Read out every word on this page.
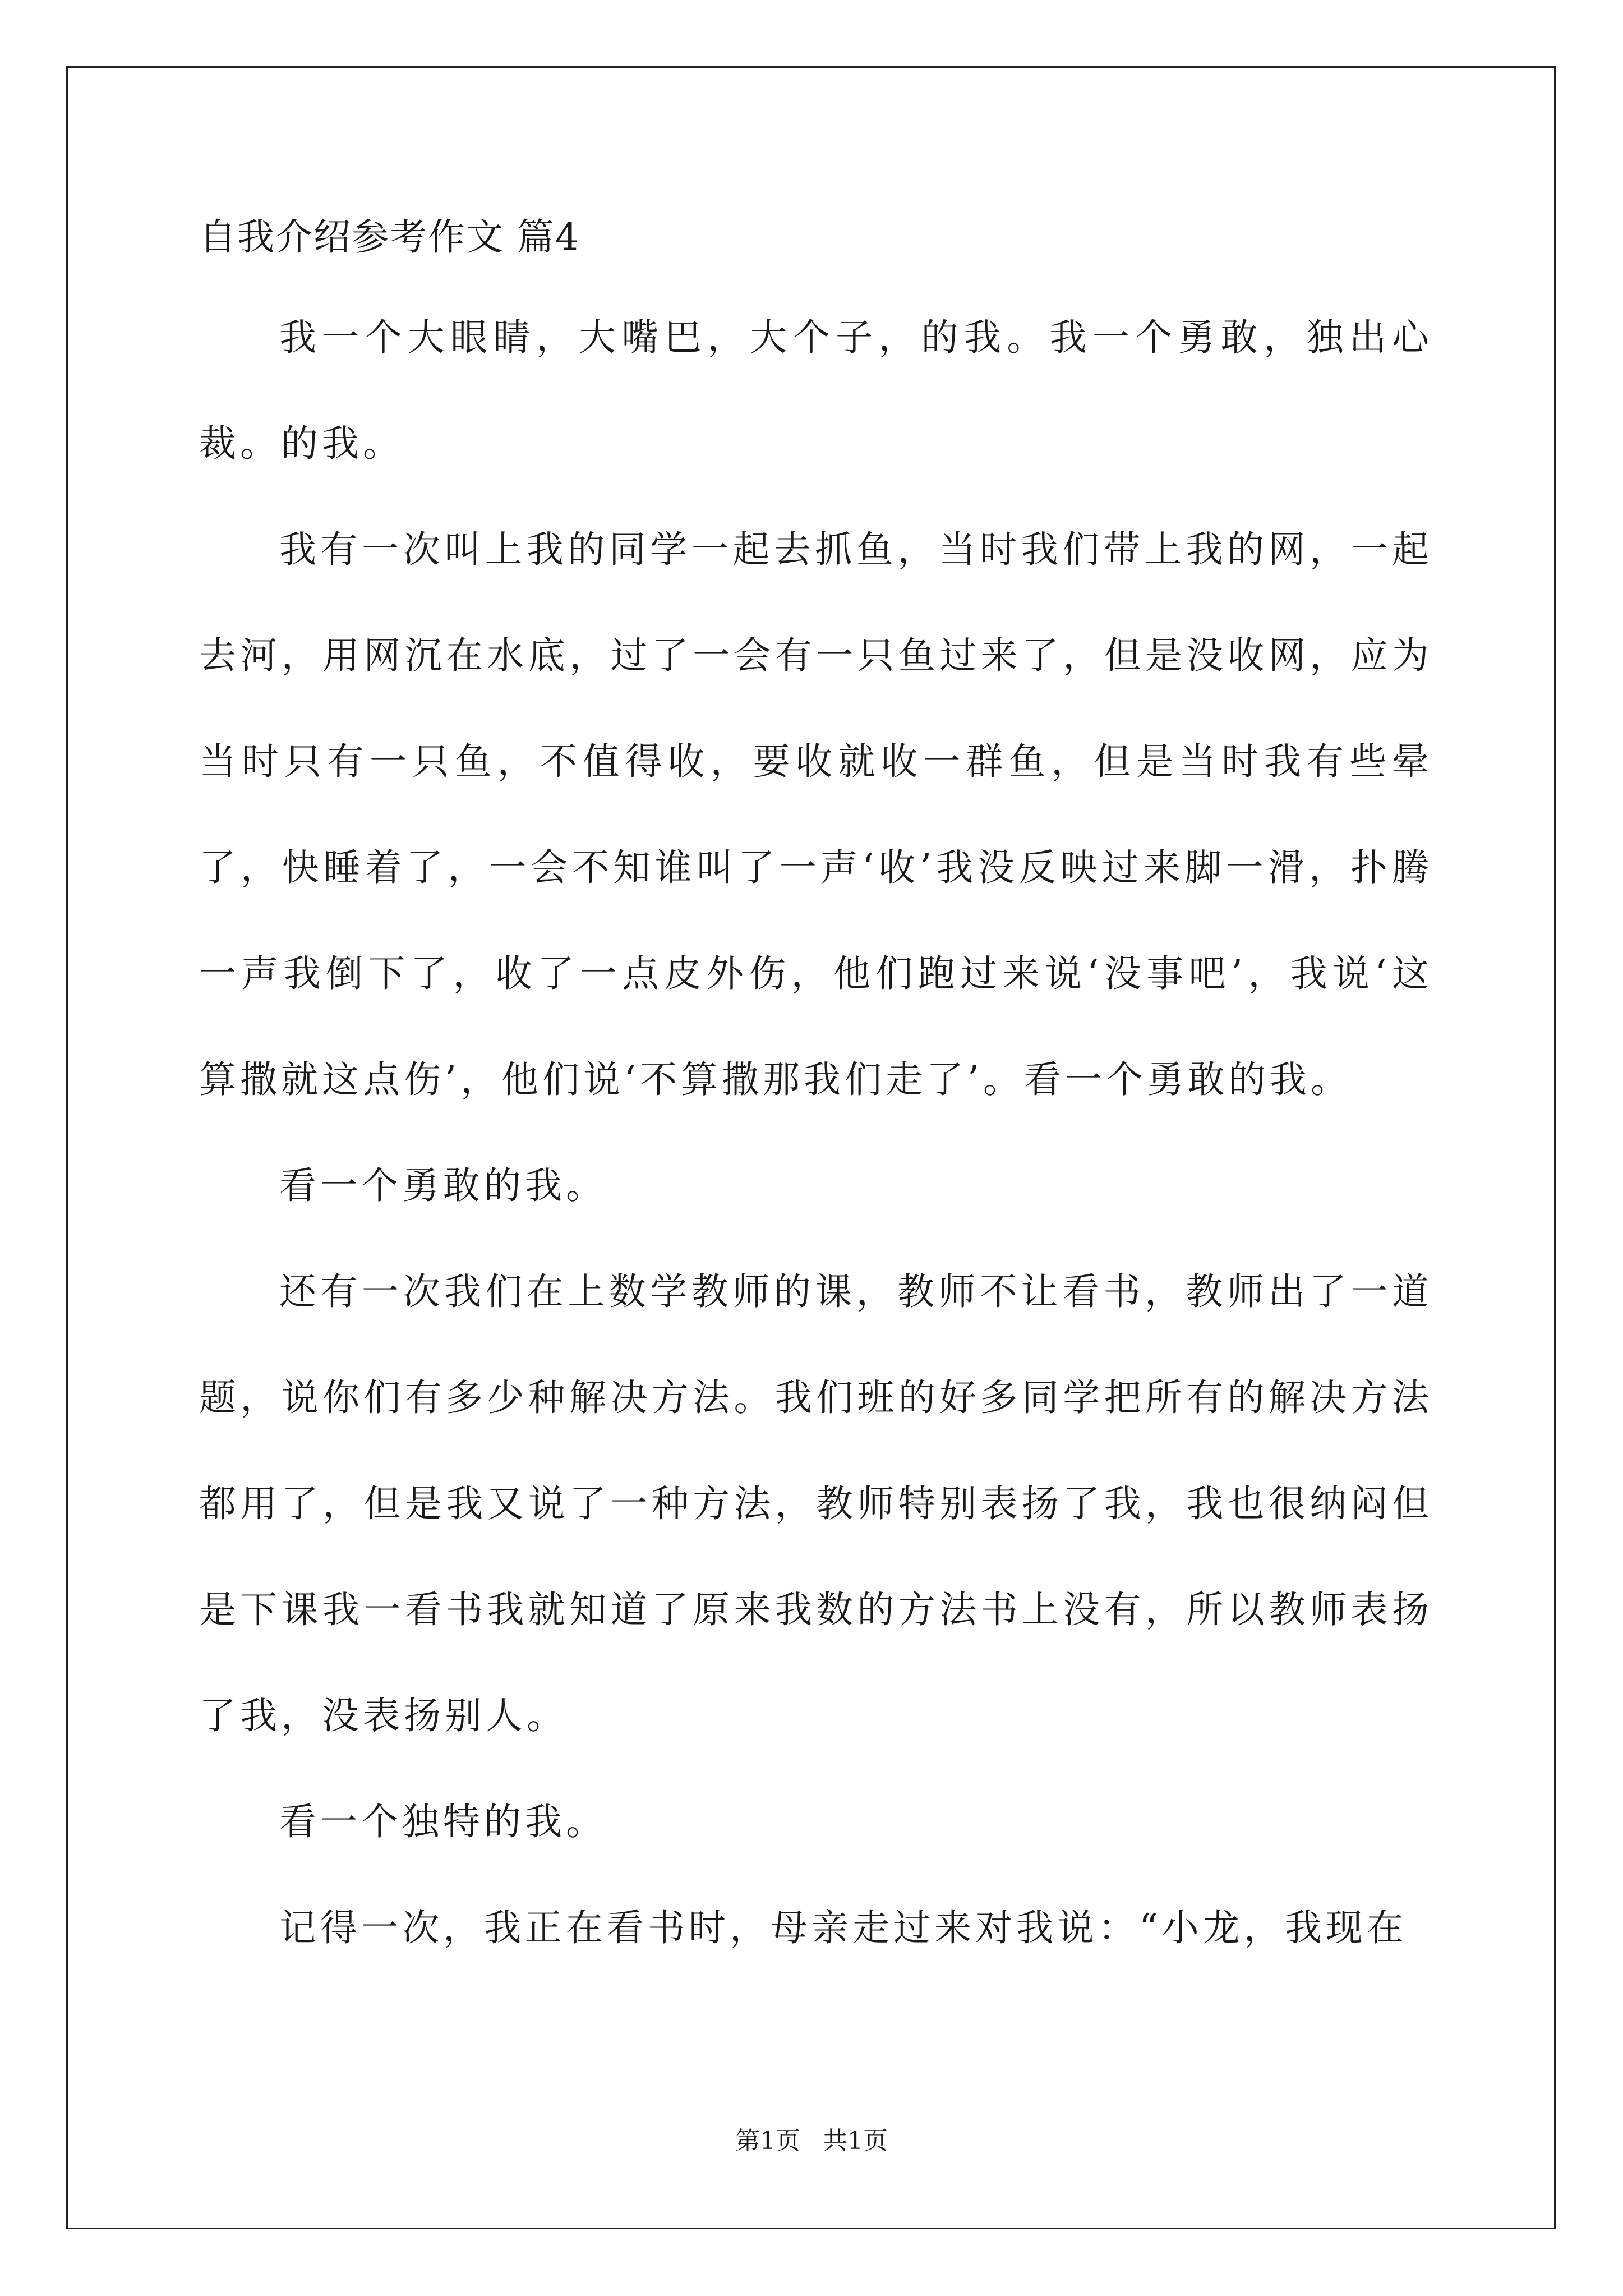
自我介绍参考作文 篇4

我一个大眼睛，大嘴巴，大个子，的我。我一个勇敢，独出心裁。的我。

我有一次叫上我的同学一起去抓鱼，当时我们带上我的网，一起去河，用网沉在水底，过了一会有一只鱼过来了，但是没收网，应为当时只有一只鱼，不值得收，要收就收一群鱼，但是当时我有些晕了，快睡着了，一会不知谁叫了一声‘收’我没反映过来脚一滑，扑腾一声我倒下了，收了一点皮外伤，他们跑过来说‘没事吧’，我说‘这算撒就这点伤’，他们说‘不算撒那我们走了’。看一个勇敢的我。

看一个勇敢的我。

还有一次我们在上数学教师的课，教师不让看书，教师出了一道题，说你们有多少种解决方法。我们班的好多同学把所有的解决方法都用了，但是我又说了一种方法，教师特别表扬了我，我也很纳闷但是下课我一看书我就知道了原来我数的方法书上没有，所以教师表扬了我，没表扬别人。

看一个独特的我。

记得一次，我正在看书时，母亲走过来对我说：“小龙，我现在

第1页 共1页
